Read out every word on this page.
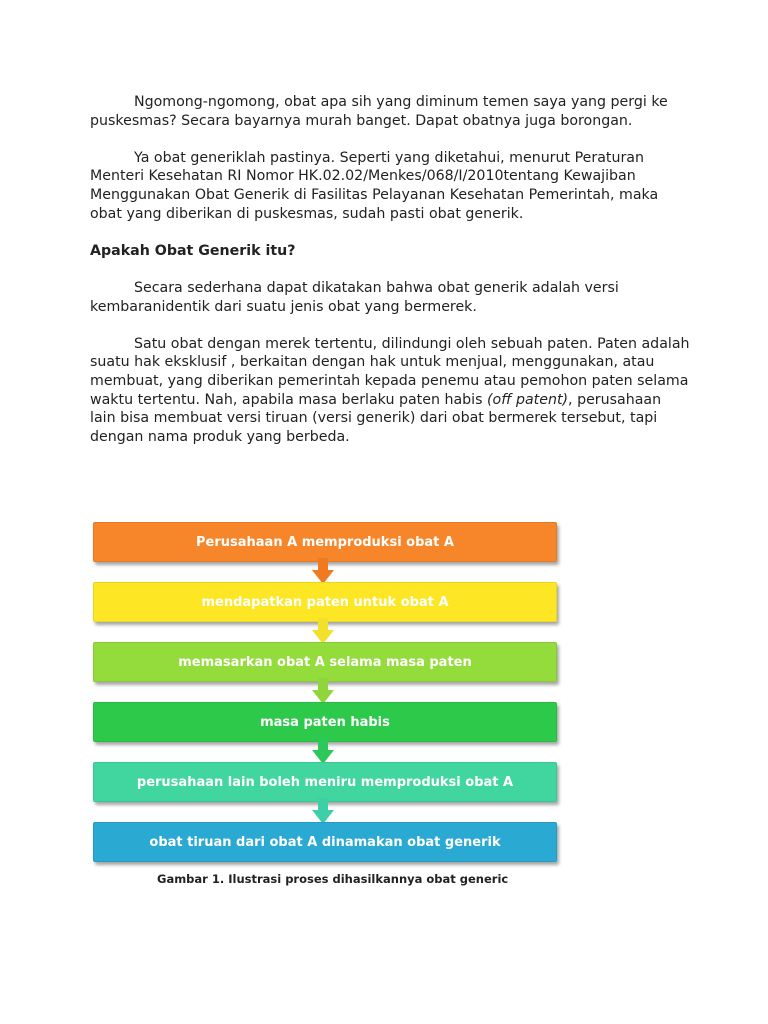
Ngomong-ngomong, obat apa sih yang diminum temen saya yang pergi ke puskesmas? Secara bayarnya murah banget. Dapat obatnya juga borongan.

Ya obat generiklah pastinya. Seperti yang diketahui, menurut Peraturan Menteri Kesehatan RI Nomor HK.02.02/Menkes/068/I/2010tentang Kewajiban Menggunakan Obat Generik di Fasilitas Pelayanan Kesehatan Pemerintah, maka obat yang diberikan di puskesmas, sudah pasti obat generik.

Apakah Obat Generik itu?

Secara sederhana dapat dikatakan bahwa obat generik adalah versi kembaranidentik dari suatu jenis obat yang bermerek.

Satu obat dengan merek tertentu, dilindungi oleh sebuah paten. Paten adalah suatu hak eksklusif , berkaitan dengan hak untuk menjual, menggunakan, atau membuat, yang diberikan pemerintah kepada penemu atau pemohon paten selama waktu tertentu. Nah, apabila masa berlaku paten habis (off patent), perusahaan lain bisa membuat versi tiruan (versi generik) dari obat bermerek tersebut, tapi dengan nama produk yang berbeda.

Perusahaan A memproduksi obat A
mendapatkan paten untuk obat A
memasarkan obat A selama masa paten
masa paten habis
perusahaan lain boleh meniru memproduksi obat A
obat tiruan dari obat A dinamakan obat generik
Gambar 1. Ilustrasi proses dihasilkannya obat generic
